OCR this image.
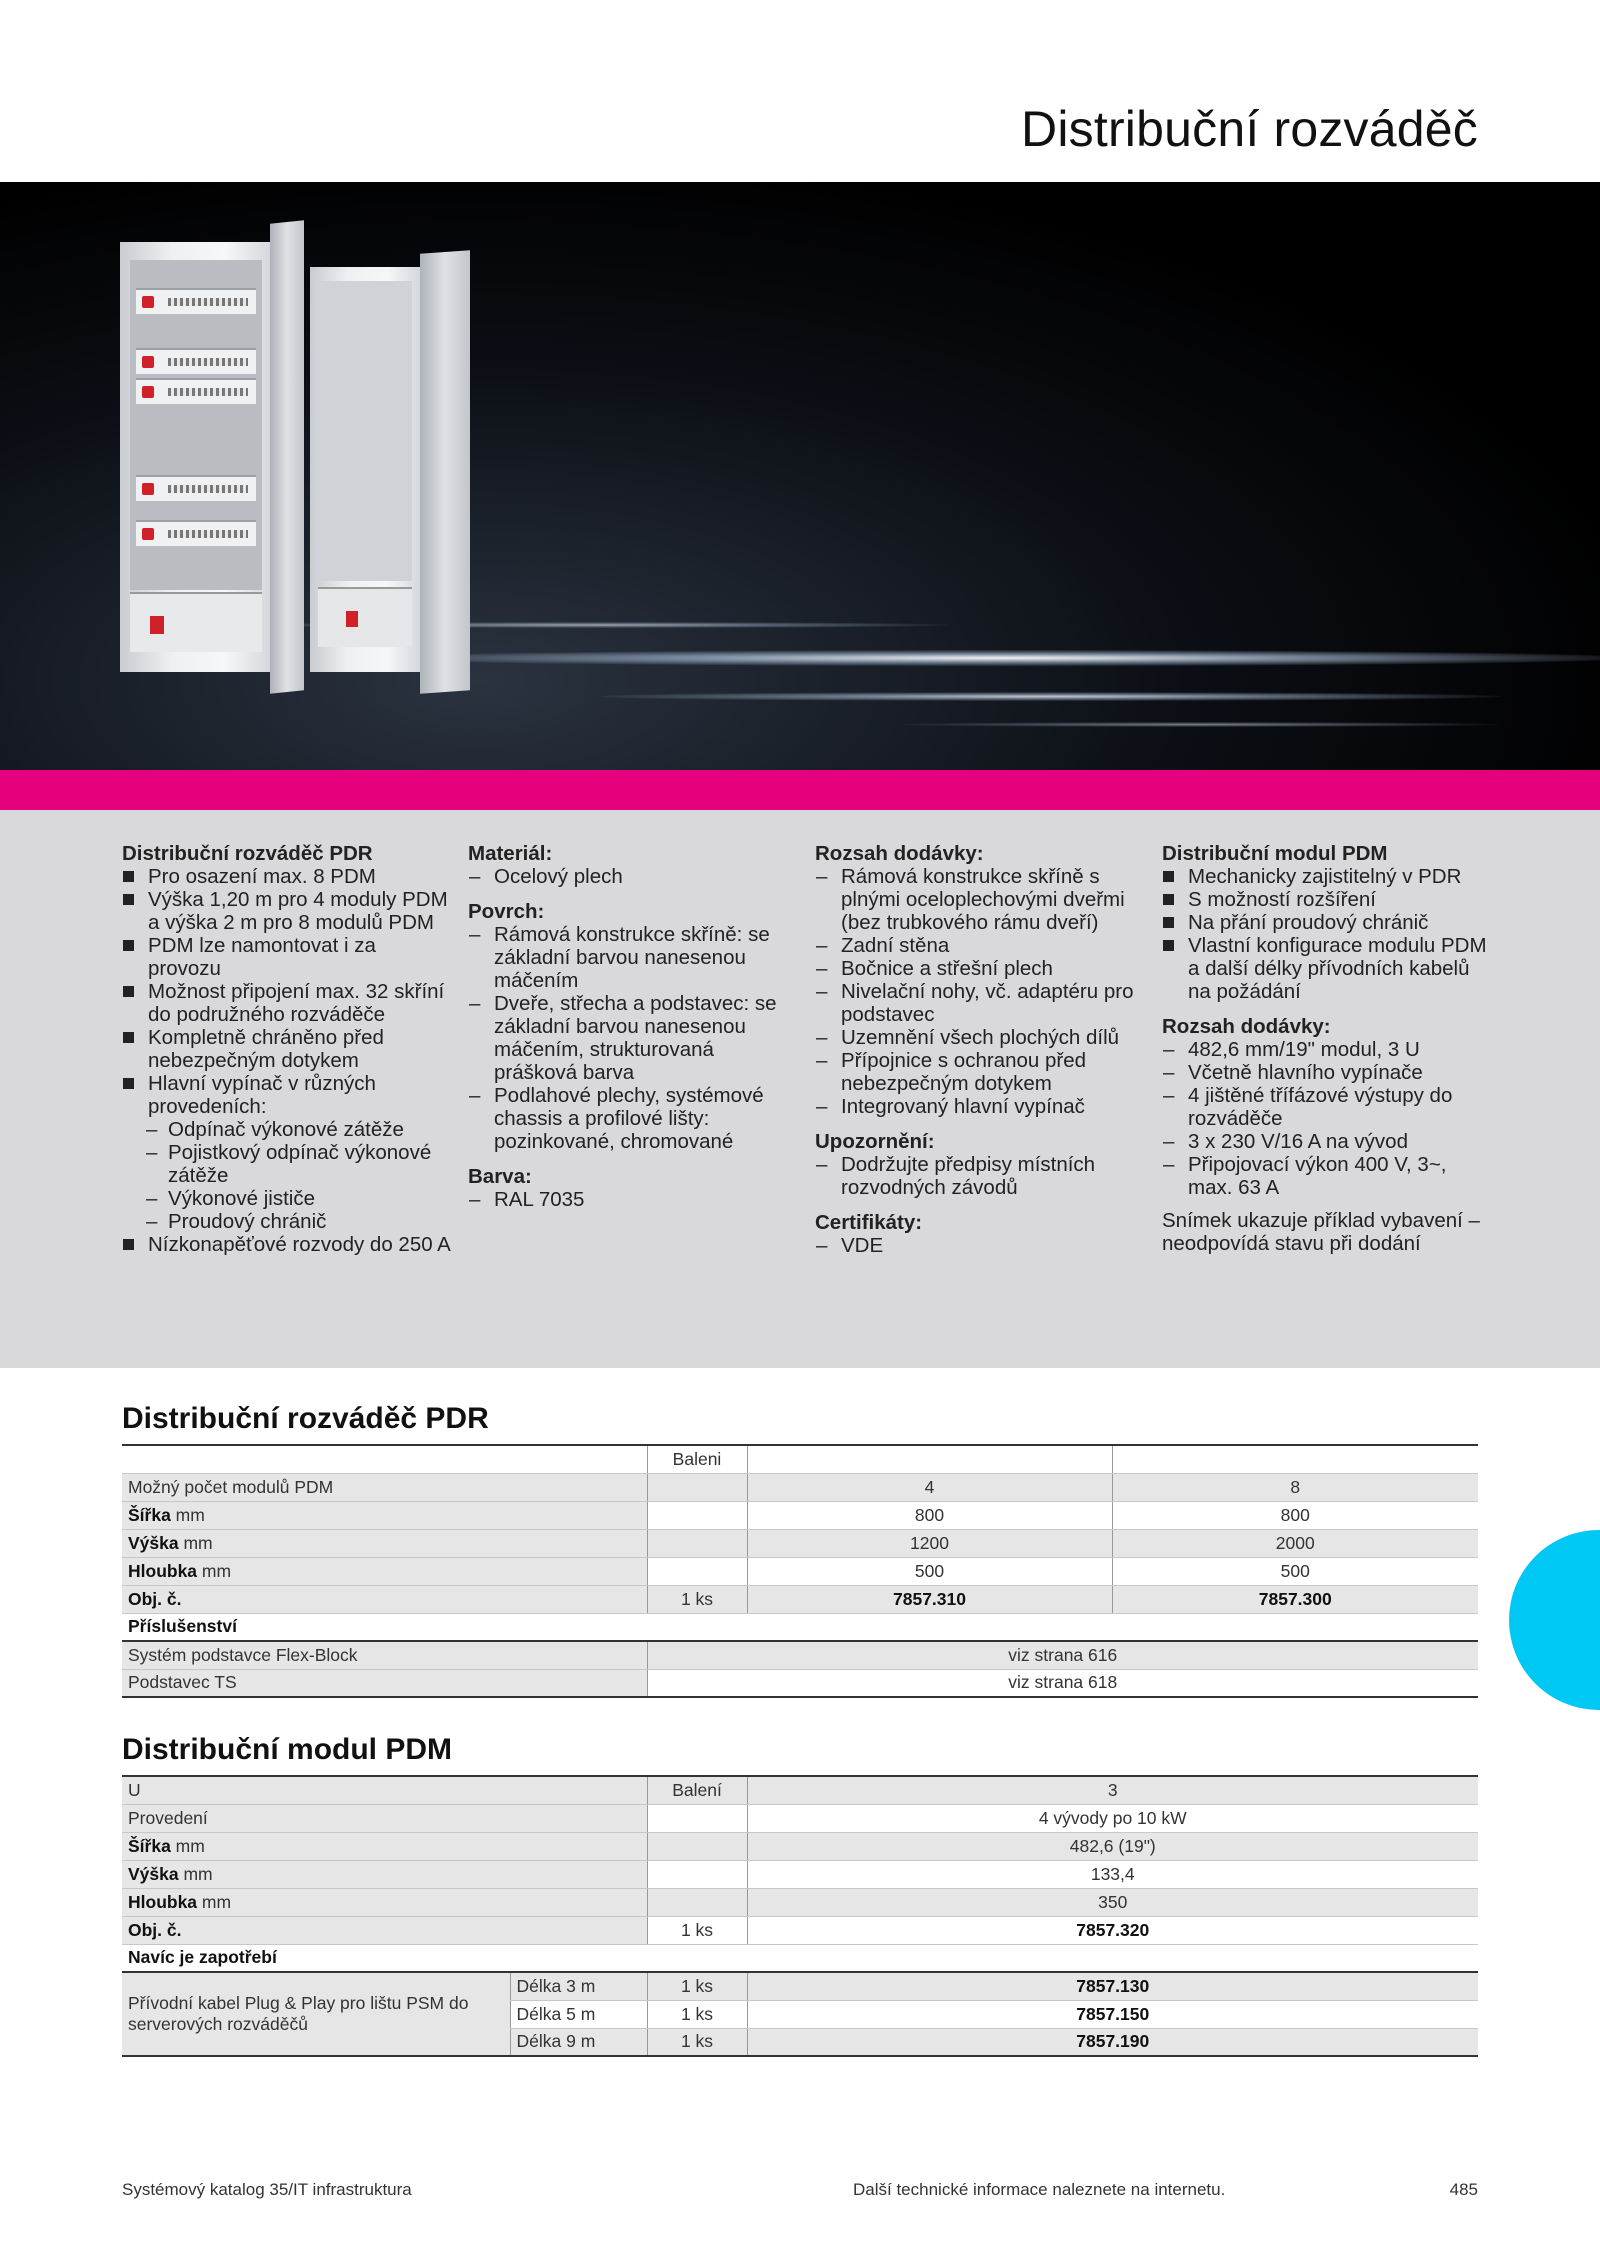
Distribuční rozváděč
Distribuční rozváděč PDR
Pro osazení max. 8 PDM
Výška 1,20 m pro 4 moduly PDM a výška 2 m pro 8 modulů PDM
PDM lze namontovat i za provozu
Možnost připojení max. 32 skříní do podružného rozváděče
Kompletně chráněno před nebezpečným dotykem
Hlavní vypínač v různých provedeních:
– Odpínač výkonové zátěže
– Pojistkový odpínač výkonové zátěže
– Výkonové jističe
– Proudový chránič
Nízkonapěťové rozvody do 250 A
Materiál:
– Ocelový plech
Povrch:
– Rámová konstrukce skříně: se základní barvou nanesenou máčením
– Dveře, střecha a podstavec: se základní barvou nanesenou máčením, strukturovaná prášková barva
– Podlahové plechy, systémové chassis a profilové lišty: pozinkované, chromované
Barva:
– RAL 7035
Rozsah dodávky:
– Rámová konstrukce skříně s plnými oceloplechovými dveřmi (bez trubkového rámu dveří)
– Zadní stěna
– Bočnice a střešní plech
– Nivelační nohy, vč. adaptéru pro podstavec
– Uzemnění všech plochých dílů
– Přípojnice s ochranou před nebezpečným dotykem
– Integrovaný hlavní vypínač
Upozornění:
– Dodržujte předpisy místních rozvodných závodů
Certifikáty:
– VDE
Distribuční modul PDM
Mechanicky zajistitelný v PDR
S možností rozšíření
Na přání proudový chránič
Vlastní konfigurace modulu PDM a další délky přívodních kabelů na požádání
Rozsah dodávky:
– 482,6 mm/19" modul, 3 U
– Včetně hlavního vypínače
– 4 jištěné třífázové výstupy do rozváděče
– 3 x 230 V/16 A na vývod
– Připojovací výkon 400 V, 3~, max. 63 A

Snímek ukazuje příklad vybavení – neodpovídá stavu při dodání

Distribuční rozváděč PDR
	Baleni		
Možný počet modulů PDM		4	8
Šířka mm		800	800
Výška mm		1200	2000
Hloubka mm		500	500
Obj. č.	1 ks	7857.310	7857.300
Příslušenství			
Systém podstavce Flex-Block	viz strana 616		
Podstavec TS	viz strana 618		
Distribuční modul PDM
U		Balení	3
Provedení			4 vývody po 10 kW
Šířka mm			482,6 (19")
Výška mm			133,4
Hloubka mm			350
Obj. č.		1 ks	7857.320
Navíc je zapotřebí			
Přívodní kabel Plug & Play pro lištu PSM do serverových rozváděčů	Délka 3 m	1 ks	7857.130
	Délka 5 m	1 ks	7857.150
	Délka 9 m	1 ks	7857.190
Systémový katalog 35/IT infrastruktura	Další technické informace naleznete na internetu.	485
